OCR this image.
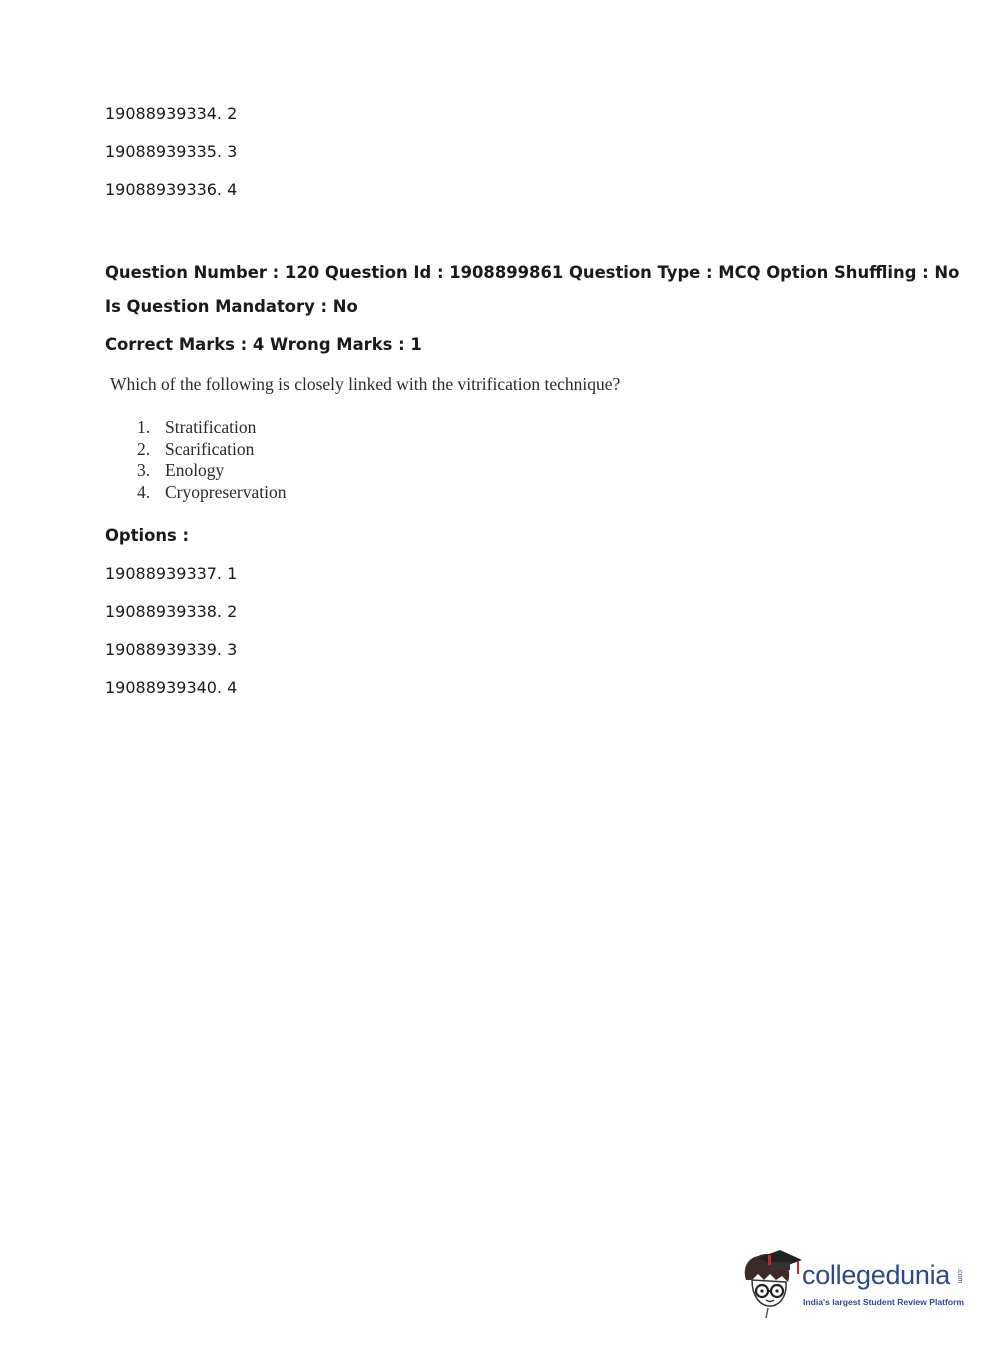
19088939334. 2
19088939335. 3
19088939336. 4
Question Number : 120 Question Id : 1908899861 Question Type : MCQ Option Shuffling : No
Is Question Mandatory : No
Correct Marks : 4 Wrong Marks : 1
Which of the following is closely linked with the vitrification technique?
1. Stratification
2. Scarification
3. Enology
4. Cryopreservation
Options :
19088939337. 1
19088939338. 2
19088939339. 3
19088939340. 4
collegedunia .com
India's largest Student Review Platform
